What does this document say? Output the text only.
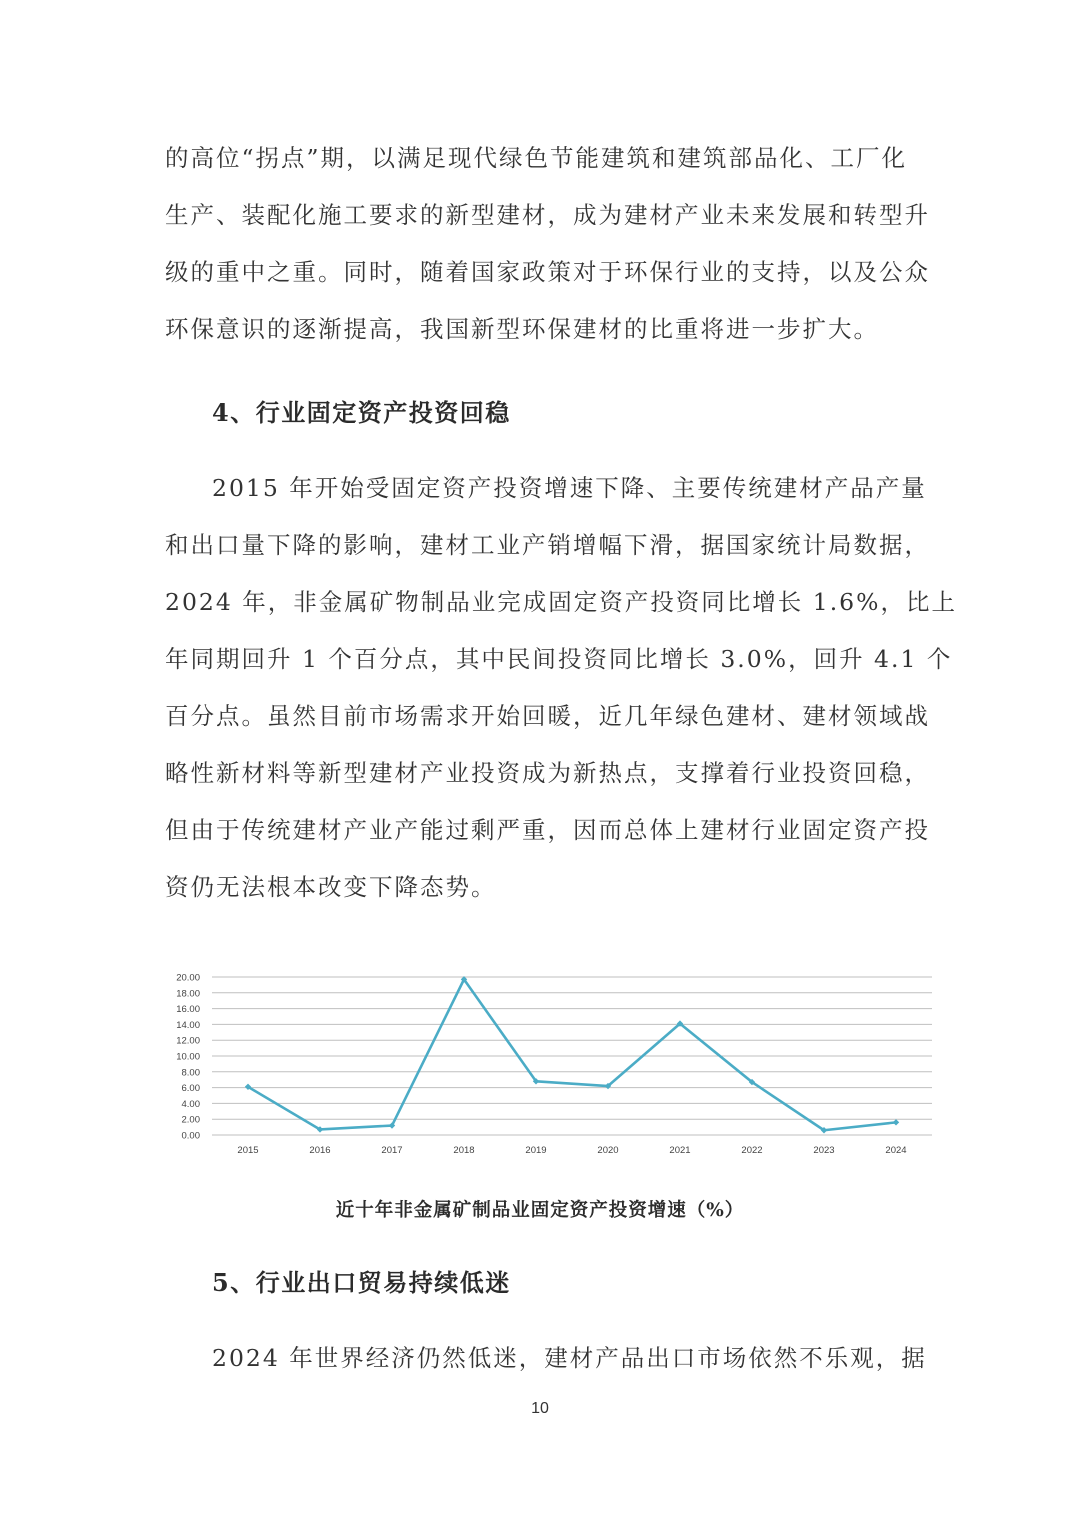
的高位“拐点”期，以满足现代绿色节能建筑和建筑部品化、工厂化
生产、装配化施工要求的新型建材，成为建材产业未来发展和转型升
级的重中之重。同时，随着国家政策对于环保行业的支持，以及公众
环保意识的逐渐提高，我国新型环保建材的比重将进一步扩大。
4、行业固定资产投资回稳
2015 年开始受固定资产投资增速下降、主要传统建材产品产量
和出口量下降的影响，建材工业产销增幅下滑，据国家统计局数据，
2024 年，非金属矿物制品业完成固定资产投资同比增长 1.6%，比上
年同期回升 1 个百分点，其中民间投资同比增长 3.0%，回升 4.1 个
百分点。虽然目前市场需求开始回暖，近几年绿色建材、建材领域战
略性新材料等新型建材产业投资成为新热点，支撑着行业投资回稳，
但由于传统建材产业产能过剩严重，因而总体上建材行业固定资产投
资仍无法根本改变下降态势。
0.00
2.00
4.00
6.00
8.00
10.00
12.00
14.00
16.00
18.00
20.00
2015	2016	2017	2018	2019	2020	2021	2022	2023	2024

近十年非金属矿制品业固定资产投资增速（%）

5、行业出口贸易持续低迷
2024 年世界经济仍然低迷，建材产品出口市场依然不乐观，据
10
